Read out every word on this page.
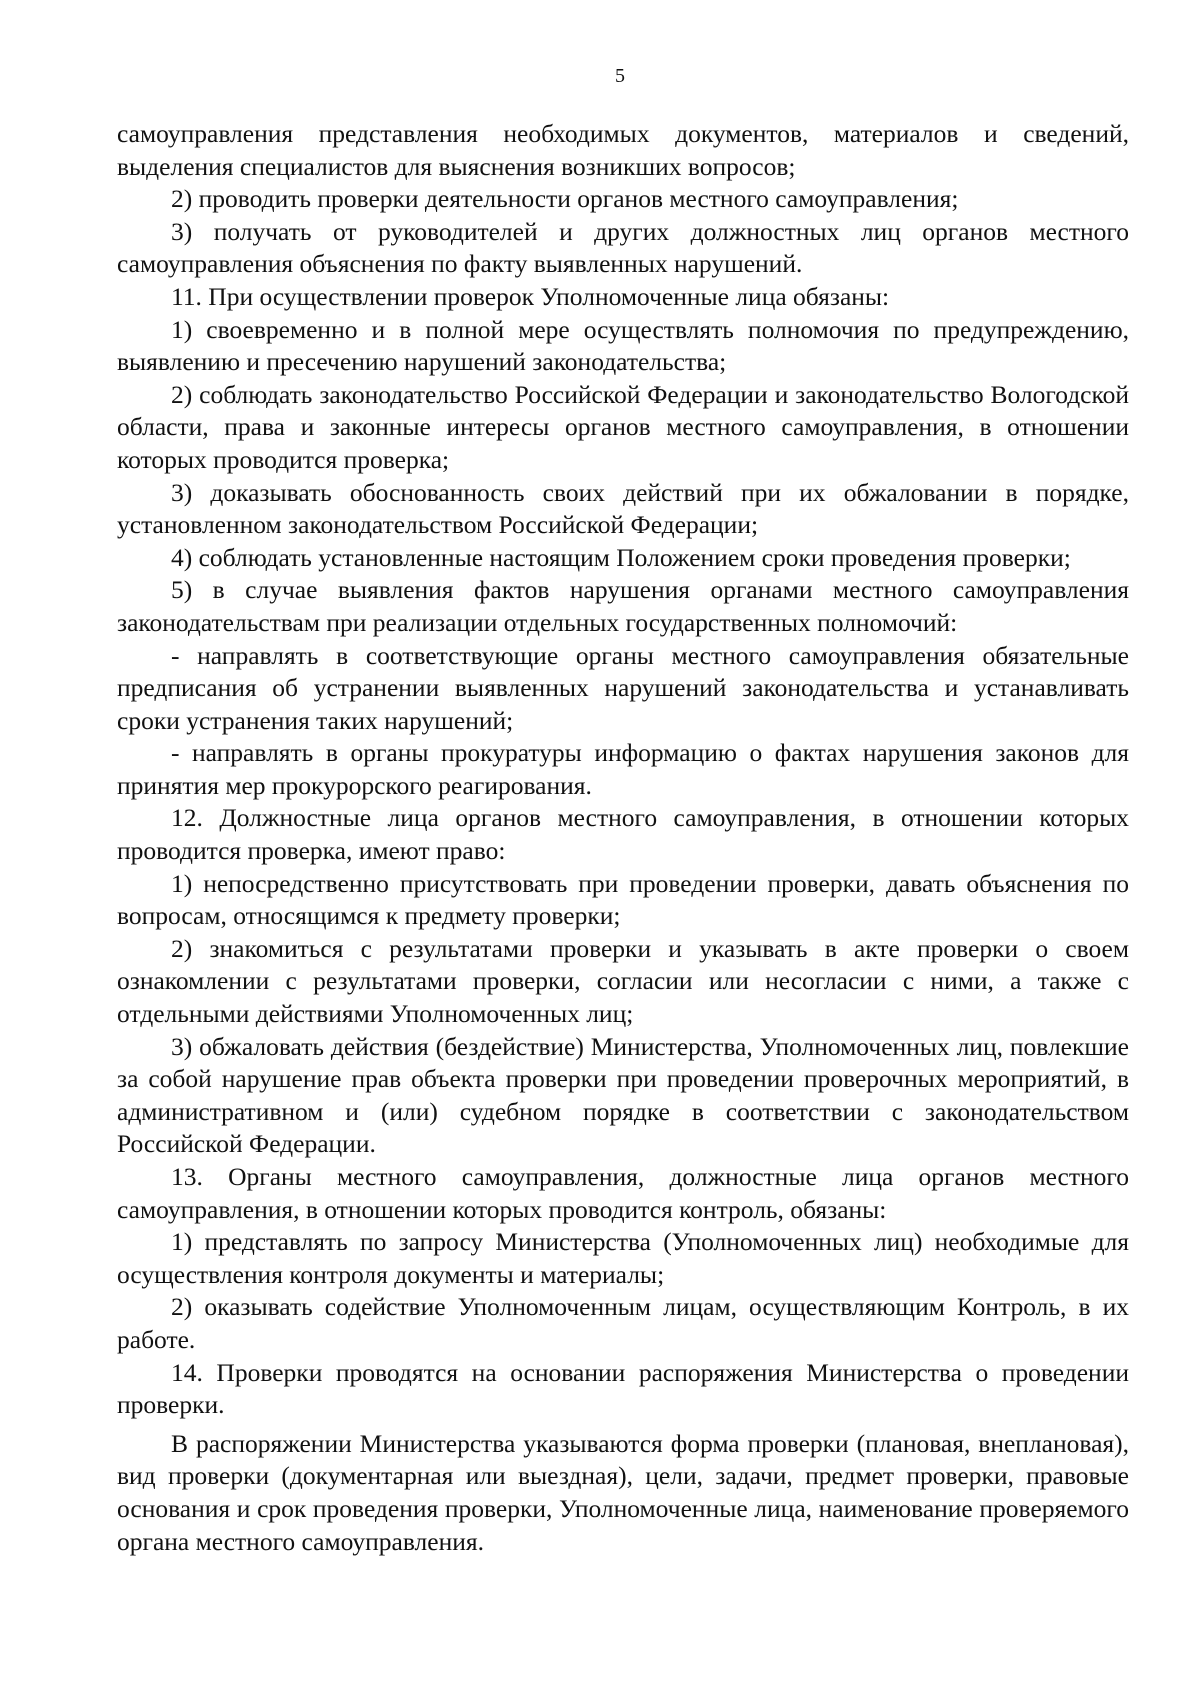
5

самоуправления представления необходимых документов, материалов и сведений, выделения специалистов для выяснения возникших вопросов;

2) проводить проверки деятельности органов местного самоуправления;

3) получать от руководителей и других должностных лиц органов местного самоуправления объяснения по факту выявленных нарушений.

11. При осуществлении проверок Уполномоченные лица обязаны:

1) своевременно и в полной мере осуществлять полномочия по предупреждению, выявлению и пресечению нарушений законодательства;

2) соблюдать законодательство Российской Федерации и законодательство Вологодской области, права и законные интересы органов местного самоуправления, в отношении которых проводится проверка;

3) доказывать обоснованность своих действий при их обжаловании в порядке, установленном законодательством Российской Федерации;

4) соблюдать установленные настоящим Положением сроки проведения проверки;

5) в случае выявления фактов нарушения органами местного самоуправления законодательствам при реализации отдельных государственных полномочий:

- направлять в соответствующие органы местного самоуправления обязательные предписания об устранении выявленных нарушений законодательства и устанавливать сроки устранения таких нарушений;

- направлять в органы прокуратуры информацию о фактах нарушения законов для принятия мер прокурорского реагирования.

12. Должностные лица органов местного самоуправления, в отношении которых проводится проверка, имеют право:

1) непосредственно присутствовать при проведении проверки, давать объяснения по вопросам, относящимся к предмету проверки;

2) знакомиться с результатами проверки и указывать в акте проверки о своем ознакомлении с результатами проверки, согласии или несогласии с ними, а также с отдельными действиями Уполномоченных лиц;

3) обжаловать действия (бездействие) Министерства, Уполномоченных лиц, повлекшие за собой нарушение прав объекта проверки при проведении проверочных мероприятий, в административном и (или) судебном порядке в соответствии с законодательством Российской Федерации.

13. Органы местного самоуправления, должностные лица органов местного самоуправления, в отношении которых проводится контроль, обязаны:

1) представлять по запросу Министерства (Уполномоченных лиц) необходимые для осуществления контроля документы и материалы;

2) оказывать содействие Уполномоченным лицам, осуществляющим Контроль, в их работе.

14. Проверки проводятся на основании распоряжения Министерства о проведении проверки.

В распоряжении Министерства указываются форма проверки (плановая, внеплановая), вид проверки (документарная или выездная), цели, задачи, предмет проверки, правовые основания и срок проведения проверки, Уполномоченные лица, наименование проверяемого органа местного самоуправления.
